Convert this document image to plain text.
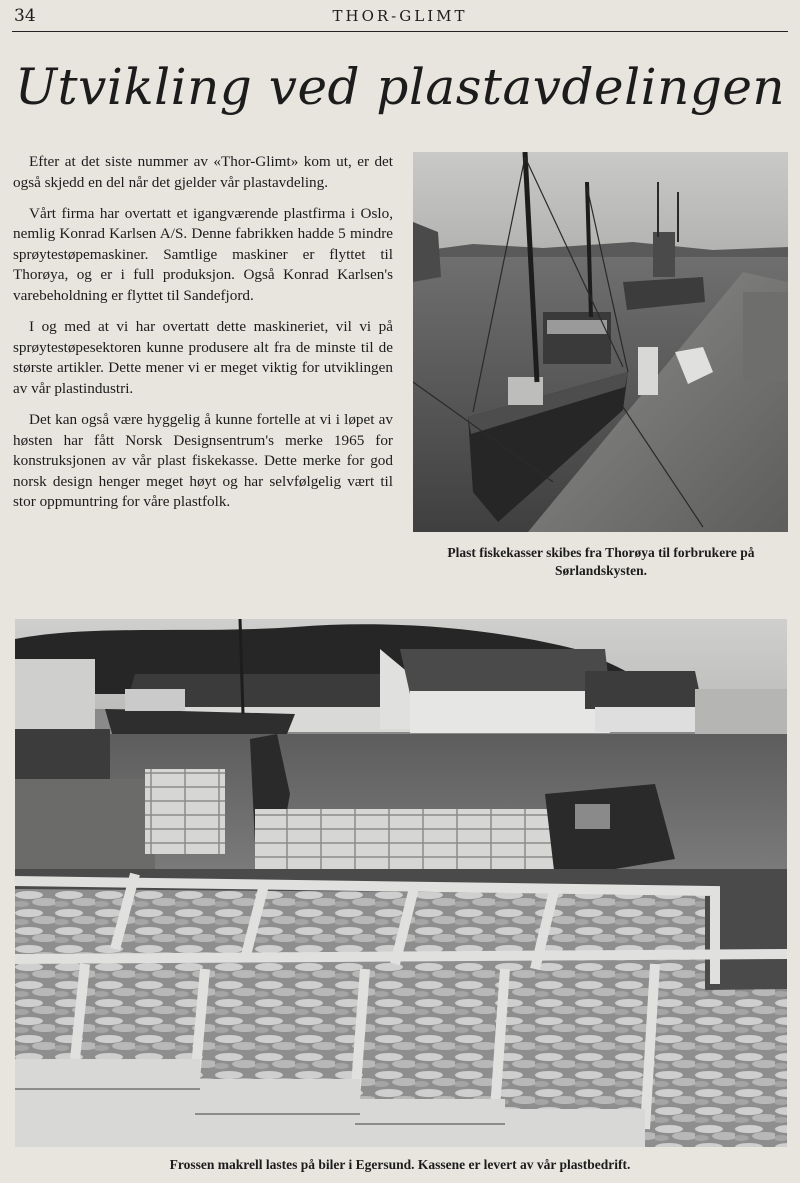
34	THOR-GLIMT
Utvikling ved plastavdelingen

Efter at det siste nummer av «Thor-Glimt» kom ut, er det også skjedd en del når det gjelder vår plastavdeling.

Vårt firma har overtatt et igangværende plastfirma i Oslo, nemlig Konrad Karlsen A/S. Denne fabrikken hadde 5 mindre sprøytestøpemaskiner. Samtlige maskiner er flyttet til Thorøya, og er i full produksjon. Også Konrad Karlsen's varebeholdning er flyttet til Sandefjord.

I og med at vi har overtatt dette maskineriet, vil vi på sprøytestøpesektoren kunne produsere alt fra de minste til de største artikler. Dette mener vi er meget viktig for utviklingen av vår plastindustri.

Det kan også være hyggelig å kunne fortelle at vi i løpet av høsten har fått Norsk Designsentrum's merke 1965 for konstruksjonen av vår plast fiskekasse. Dette merke for god norsk design henger meget høyt og har selvfølgelig vært til stor oppmuntring for våre plastfolk.

Plast fiskekasser skibes fra Thorøya til forbrukere på Sørlandskysten.
Frossen makrell lastes på biler i Egersund. Kassene er levert av vår plastbedrift.
